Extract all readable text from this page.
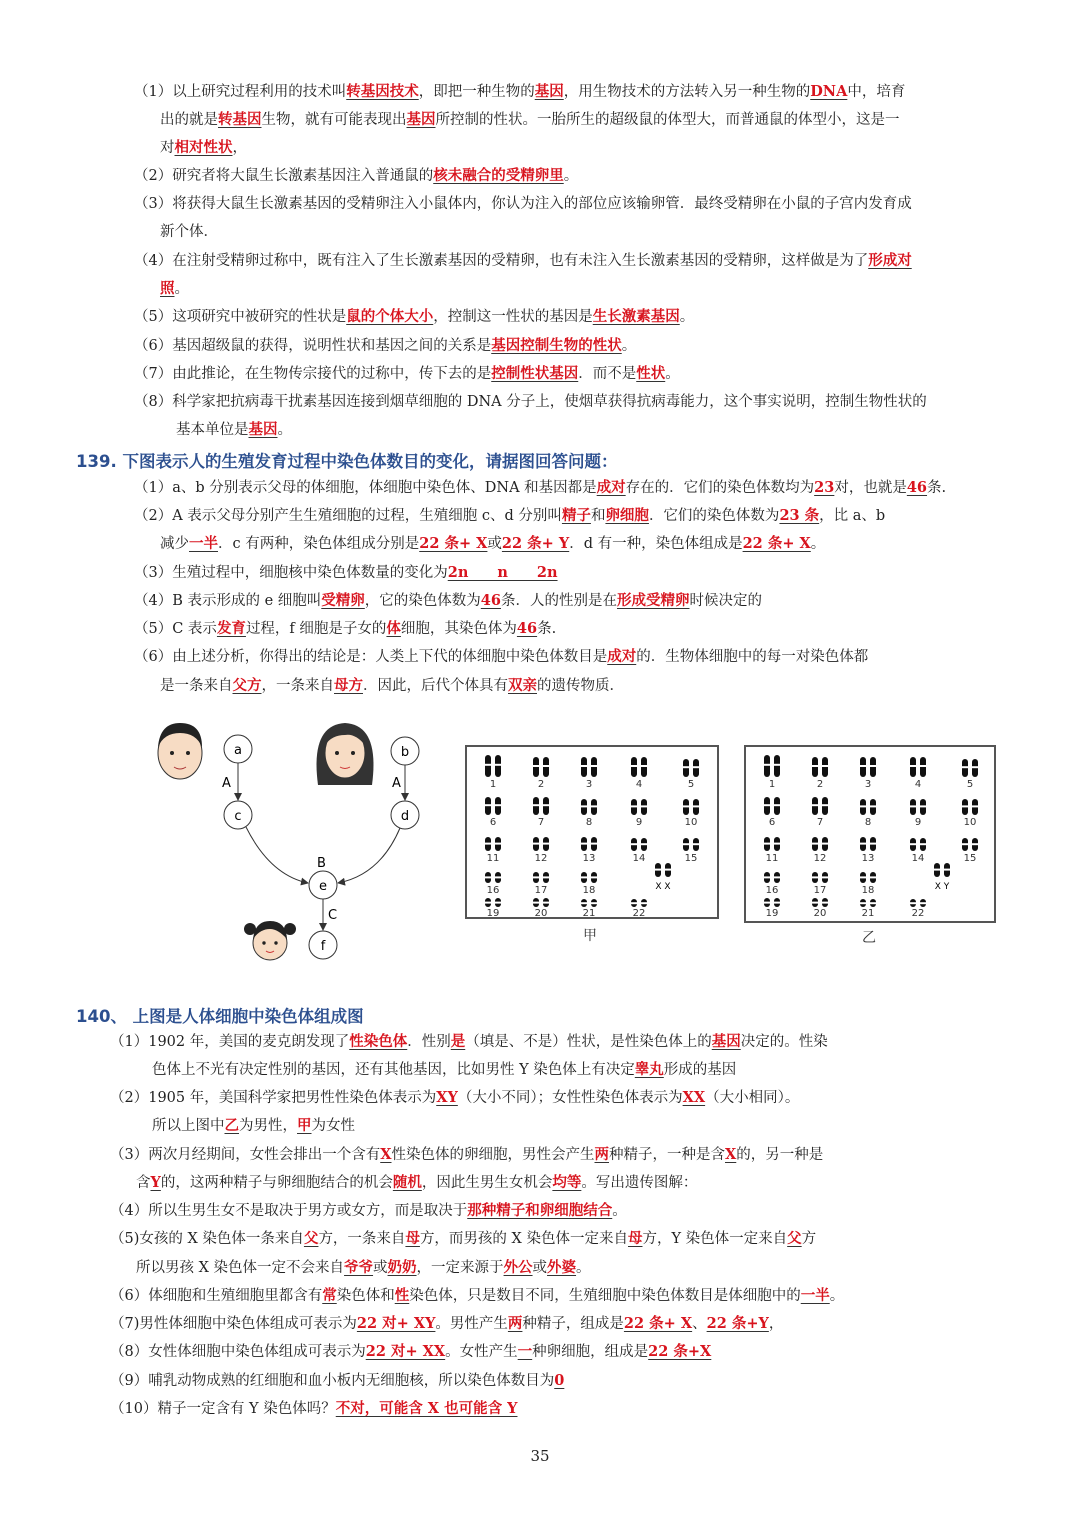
（1）以上研究过程利用的技术叫转基因技术，即把一种生物的基因，用生物技术的方法转入另一种生物的DNA中，培育
出的就是转基因生物，就有可能表现出基因所控制的性状。一胎所生的超级鼠的体型大，而普通鼠的体型小，这是一
对相对性状，
（2）研究者将大鼠生长激素基因注入普通鼠的核未融合的受精卵里。
（3）将获得大鼠生长激素基因的受精卵注入小鼠体内，你认为注入的部位应该输卵管．最终受精卵在小鼠的子宫内发育成
新个体．
（4）在注射受精卵过称中，既有注入了生长激素基因的受精卵，也有未注入生长激素基因的受精卵，这样做是为了形成对
照。
（5）这项研究中被研究的性状是鼠的个体大小，控制这一性状的基因是生长激素基因。
（6）基因超级鼠的获得，说明性状和基因之间的关系是基因控制生物的性状。
（7）由此推论，在生物传宗接代的过称中，传下去的是控制性状基因．而不是性状。
（8）科学家把抗病毒干扰素基因连接到烟草细胞的 DNA 分子上，使烟草获得抗病毒能力，这个事实说明，控制生物性状的
基本单位是基因。
139. 下图表示人的生殖发育过程中染色体数目的变化，请据图回答问题：
（1）a、b 分别表示父母的体细胞，体细胞中染色体、DNA 和基因都是成对存在的．它们的染色体数均为23对，也就是46条.
（2）A 表示父母分别产生生殖细胞的过程，生殖细胞 c、d 分别叫精子和卵细胞．它们的染色体数为23 条，比 a、b
减少一半．c 有两种，染色体组成分别是22 条+ X或22 条+ Y．d 有一种，染色体组成是22 条+ X。
（3）生殖过程中，细胞核中染色体数量的变化为2n　　n　　2n
（4）B 表示形成的 e 细胞叫受精卵，它的染色体数为46条．人的性别是在形成受精卵时候决定的
（5）C 表示发育过程，f 细胞是子女的体细胞，其染色体为46条.
（6）由上述分析，你得出的结论是：人类上下代的体细胞中染色体数目是成对的．生物体细胞中的每一对染色体都
是一条来自父方，一条来自母方．因此，后代个体具有双亲的遗传物质．
a	b
c	d
e
f
A	A
B
C
1	2	3	4	5
6	7	8	9	10
11	12	13	14	15
16	17	18
19	20	21	22
X X
甲
1	2	3	4	5
6	7	8	9	10
11	12	13	14	15
16	17	18
19	20	21	22
X Y
乙
140、 上图是人体细胞中染色体组成图
（1）1902 年，美国的麦克朗发现了性染色体．性别是（填是、不是）性状，是性染色体上的基因决定的。性染
色体上不光有决定性别的基因，还有其他基因，比如男性 Y 染色体上有决定睾丸形成的基因
（2）1905 年，美国科学家把男性性染色体表示为XY（大小不同）；女性性染色体表示为XX（大小相同）。
所以上图中乙为男性，甲为女性
（3）两次月经期间，女性会排出一个含有X性染色体的卵细胞，男性会产生两种精子，一种是含X的，另一种是
含Y的，这两种精子与卵细胞结合的机会随机，因此生男生女机会均等。写出遗传图解：
（4）所以生男生女不是取决于男方或女方，而是取决于那种精子和卵细胞结合。
（5)女孩的 X 染色体一条来自父方，一条来自母方，而男孩的 X 染色体一定来自母方，Y 染色体一定来自父方
所以男孩 X 染色体一定不会来自爷爷或奶奶，一定来源于外公或外婆。
（6）体细胞和生殖细胞里都含有常染色体和性染色体，只是数目不同，生殖细胞中染色体数目是体细胞中的一半。
（7)男性体细胞中染色体组成可表示为22 对+ XY。男性产生两种精子，组成是22 条+ X、22 条+Y，
（8）女性体细胞中染色体组成可表示为22 对+ XX。女性产生一种卵细胞，组成是22 条+X
（9）哺乳动物成熟的红细胞和血小板内无细胞核，所以染色体数目为0
（10）精子一定含有 Y 染色体吗？不对，可能含 X 也可能含 Y
35
